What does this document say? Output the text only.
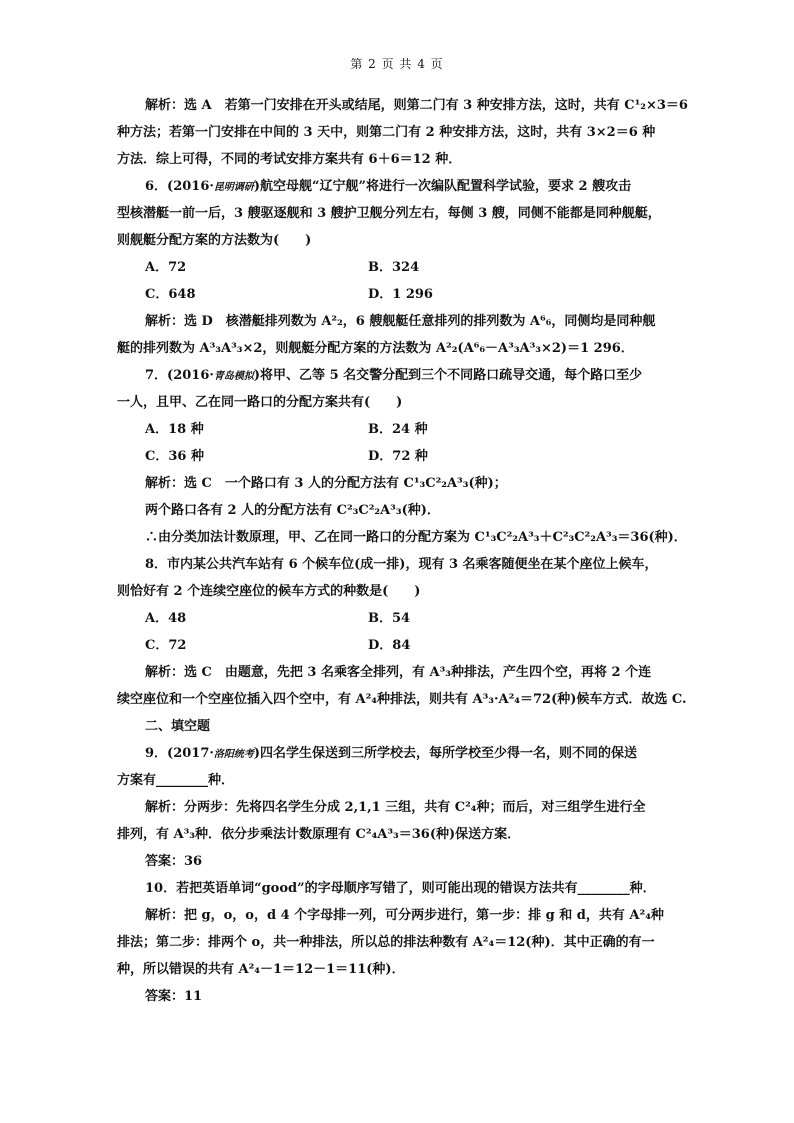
第 2 页 共 4 页
解析：选 A　若第一门安排在开头或结尾，则第二门有 3 种安排方法，这时，共有 C¹₂×3＝6
种方法；若第一门安排在中间的 3 天中，则第二门有 2 种安排方法，这时，共有 3×2＝6 种
方法．综上可得，不同的考试安排方案共有 6＋6＝12 种．
6．(2016·昆明调研)航空母舰“辽宁舰”将进行一次编队配置科学试验，要求 2 艘攻击
型核潜艇一前一后，3 艘驱逐舰和 3 艘护卫舰分列左右，每侧 3 艘，同侧不能都是同种舰艇，
则舰艇分配方案的方法数为(　　)
A．72	B．324
C．648	D．1 296
解析：选 D　核潜艇排列数为 A²₂，6 艘舰艇任意排列的排列数为 A⁶₆，同侧均是同种舰
艇的排列数为 A³₃A³₃×2，则舰艇分配方案的方法数为 A²₂(A⁶₆－A³₃A³₃×2)＝1 296．
7．(2016·青岛模拟)将甲、乙等 5 名交警分配到三个不同路口疏导交通，每个路口至少
一人，且甲、乙在同一路口的分配方案共有(　　)
A．18 种	B．24 种
C．36 种	D．72 种
解析：选 C　一个路口有 3 人的分配方法有 C¹₃C²₂A³₃(种)；
两个路口各有 2 人的分配方法有 C²₃C²₂A³₃(种)．
∴由分类加法计数原理，甲、乙在同一路口的分配方案为 C¹₃C²₂A³₃＋C²₃C²₂A³₃＝36(种)．
8．市内某公共汽车站有 6 个候车位(成一排)，现有 3 名乘客随便坐在某个座位上候车，
则恰好有 2 个连续空座位的候车方式的种数是(　　)
A．48	B．54
C．72	D．84
解析：选 C　由题意，先把 3 名乘客全排列，有 A³₃种排法，产生四个空，再将 2 个连
续空座位和一个空座位插入四个空中，有 A²₄种排法，则共有 A³₃·A²₄＝72(种)候车方式．故选 C.
二、填空题
9．(2017·洛阳统考)四名学生保送到三所学校去，每所学校至少得一名，则不同的保送
方案有________种．
解析：分两步：先将四名学生分成 2,1,1 三组，共有 C²₄种；而后，对三组学生进行全
排列，有 A³₃种．依分步乘法计数原理有 C²₄A³₃＝36(种)保送方案．
答案：36
10．若把英语单词“good”的字母顺序写错了，则可能出现的错误方法共有________种．
解析：把 g，o，o，d 4 个字母排一列，可分两步进行，第一步：排 g 和 d，共有 A²₄种
排法；第二步：排两个 o，共一种排法，所以总的排法种数有 A²₄＝12(种)．其中正确的有一
种，所以错误的共有 A²₄－1＝12－1＝11(种)．
答案：11
